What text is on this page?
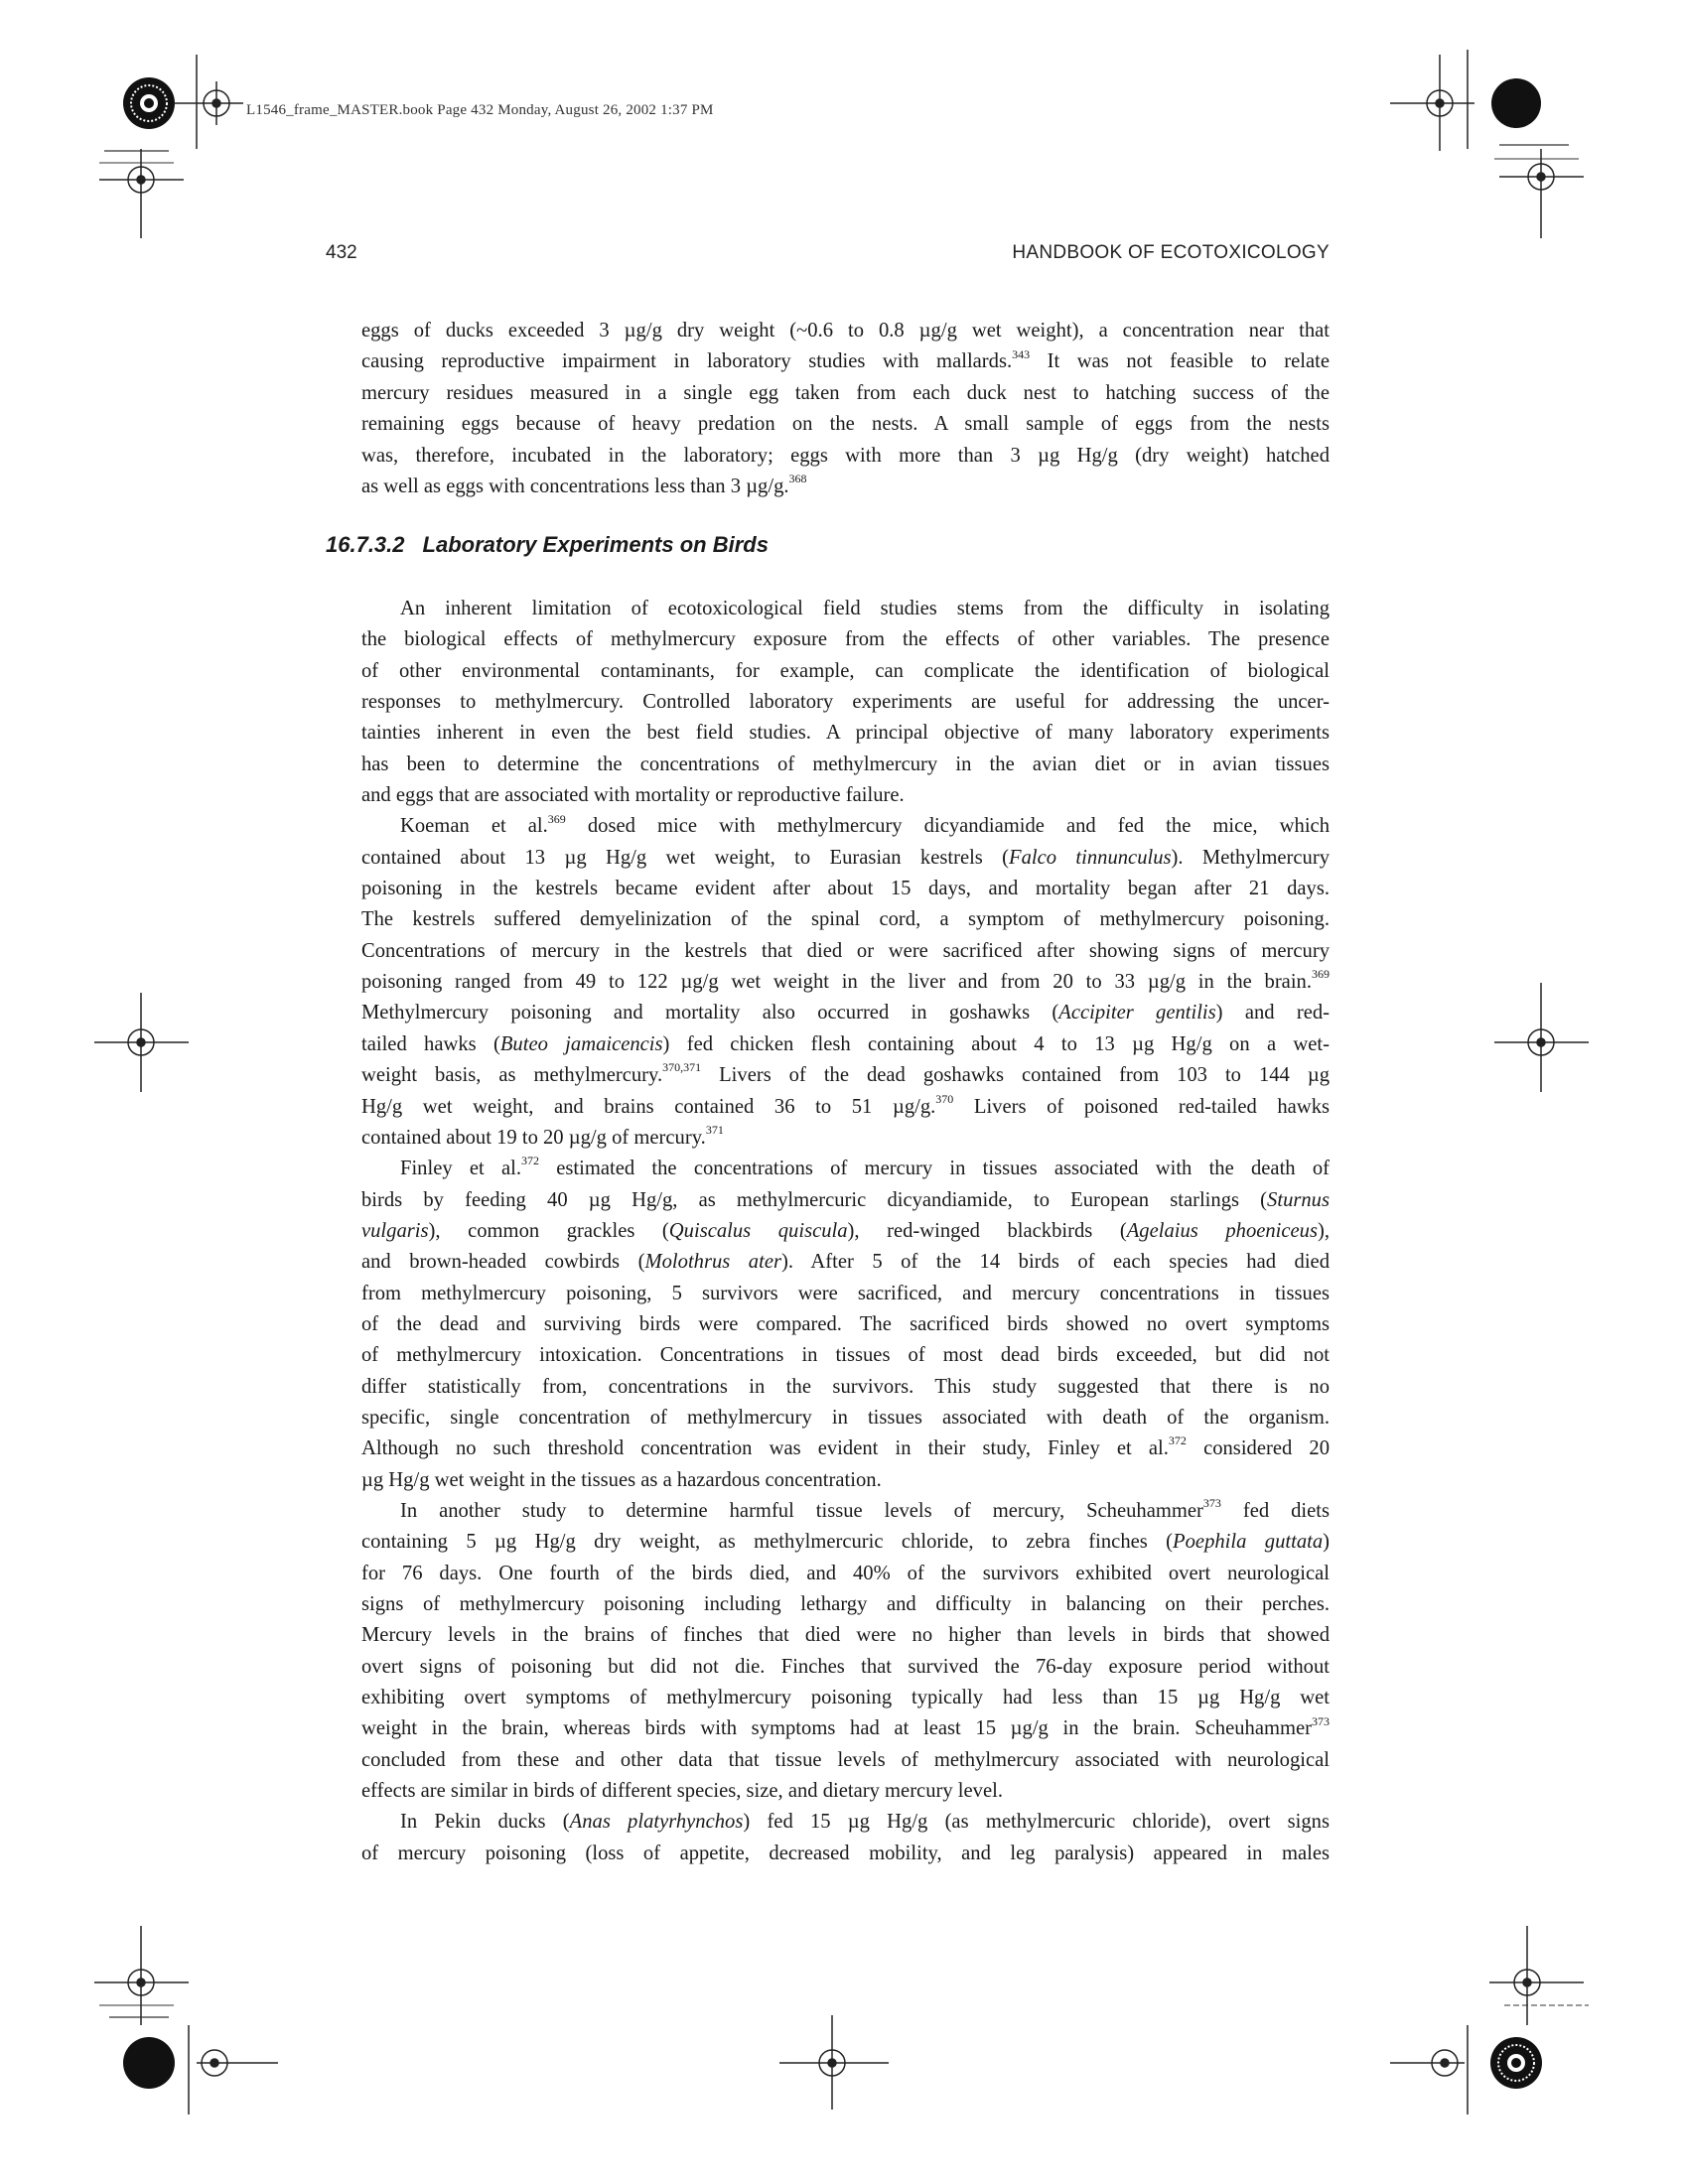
L1546_frame_MASTER.book Page 432 Monday, August 26, 2002 1:37 PM
432	HANDBOOK OF ECOTOXICOLOGY
eggs of ducks exceeded 3 µg/g dry weight (~0.6 to 0.8 µg/g wet weight), a concentration near that
causing reproductive impairment in laboratory studies with mallards.$^{343}$ It was not feasible to relate
mercury residues measured in a single egg taken from each duck nest to hatching success of the
remaining eggs because of heavy predation on the nests. A small sample of eggs from the nests
was, therefore, incubated in the laboratory; eggs with more than 3 µg Hg/g (dry weight) hatched
as well as eggs with concentrations less than 3 µg/g.$^{368}$
16.7.3.2 Laboratory Experiments on Birds
An inherent limitation of ecotoxicological field studies stems from the difficulty in isolating
the biological effects of methylmercury exposure from the effects of other variables. The presence
of other environmental contaminants, for example, can complicate the identification of biological
responses to methylmercury. Controlled laboratory experiments are useful for addressing the uncer-
tainties inherent in even the best field studies. A principal objective of many laboratory experiments
has been to determine the concentrations of methylmercury in the avian diet or in avian tissues
and eggs that are associated with mortality or reproductive failure.
Koeman et al.$^{369}$ dosed mice with methylmercury dicyandiamide and fed the mice, which
contained about 13 µg Hg/g wet weight, to Eurasian kestrels (Falco tinnunculus). Methylmercury
poisoning in the kestrels became evident after about 15 days, and mortality began after 21 days.
The kestrels suffered demyelinization of the spinal cord, a symptom of methylmercury poisoning.
Concentrations of mercury in the kestrels that died or were sacrificed after showing signs of mercury
poisoning ranged from 49 to 122 µg/g wet weight in the liver and from 20 to 33 µg/g in the brain.$^{369}$
Methylmercury poisoning and mortality also occurred in goshawks (Accipiter gentilis) and red-
tailed hawks (Buteo jamaicencis) fed chicken flesh containing about 4 to 13 µg Hg/g on a wet-
weight basis, as methylmercury.$^{370,371}$ Livers of the dead goshawks contained from 103 to 144 µg
Hg/g wet weight, and brains contained 36 to 51 µg/g.$^{370}$ Livers of poisoned red-tailed hawks
contained about 19 to 20 µg/g of mercury.$^{371}$
Finley et al.$^{372}$ estimated the concentrations of mercury in tissues associated with the death of
birds by feeding 40 µg Hg/g, as methylmercuric dicyandiamide, to European starlings (Sturnus
vulgaris), common grackles (Quiscalus quiscula), red-winged blackbirds (Agelaius phoeniceus),
and brown-headed cowbirds (Molothrus ater). After 5 of the 14 birds of each species had died
from methylmercury poisoning, 5 survivors were sacrificed, and mercury concentrations in tissues
of the dead and surviving birds were compared. The sacrificed birds showed no overt symptoms
of methylmercury intoxication. Concentrations in tissues of most dead birds exceeded, but did not
differ statistically from, concentrations in the survivors. This study suggested that there is no
specific, single concentration of methylmercury in tissues associated with death of the organism.
Although no such threshold concentration was evident in their study, Finley et al.$^{372}$ considered 20
µg Hg/g wet weight in the tissues as a hazardous concentration.
In another study to determine harmful tissue levels of mercury, Scheuhammer$^{373}$ fed diets
containing 5 µg Hg/g dry weight, as methylmercuric chloride, to zebra finches (Poephila guttata)
for 76 days. One fourth of the birds died, and 40% of the survivors exhibited overt neurological
signs of methylmercury poisoning including lethargy and difficulty in balancing on their perches.
Mercury levels in the brains of finches that died were no higher than levels in birds that showed
overt signs of poisoning but did not die. Finches that survived the 76-day exposure period without
exhibiting overt symptoms of methylmercury poisoning typically had less than 15 µg Hg/g wet
weight in the brain, whereas birds with symptoms had at least 15 µg/g in the brain. Scheuhammer$^{373}$
concluded from these and other data that tissue levels of methylmercury associated with neurological
effects are similar in birds of different species, size, and dietary mercury level.
In Pekin ducks (Anas platyrhynchos) fed 15 µg Hg/g (as methylmercuric chloride), overt signs
of mercury poisoning (loss of appetite, decreased mobility, and leg paralysis) appeared in males
